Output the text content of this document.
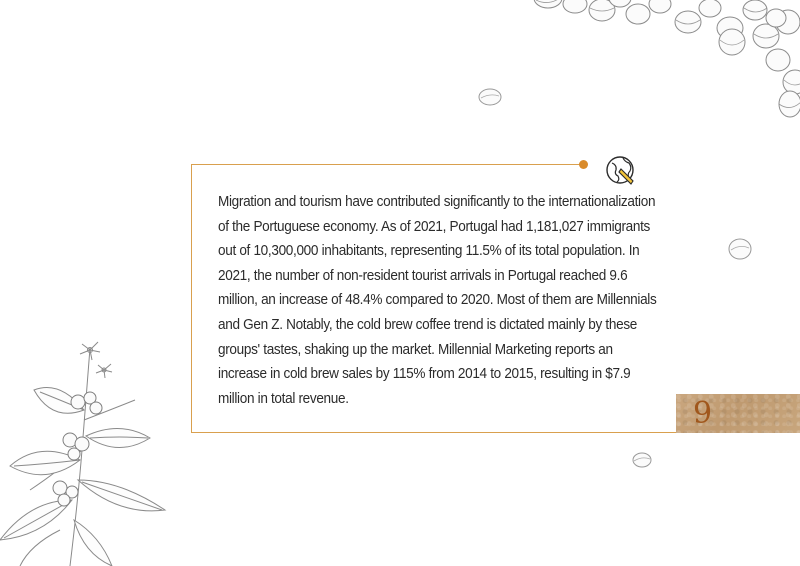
Migration and tourism have contributed significantly to the internationalization of the Portuguese economy. As of 2021, Portugal had 1,181,027 immigrants out of 10,300,000 inhabitants, representing 11.5% of its total population. In 2021, the number of non-resident tourist arrivals in Portugal reached 9.6 million, an increase of 48.4% compared to 2020. Most of them are Millennials and Gen Z. Notably, the cold brew coffee trend is dictated mainly by these groups' tastes, shaking up the market. Millennial Marketing reports an increase in cold brew sales by 115% from 2014 to 2015, resulting in $7.9 million in total revenue.	9
